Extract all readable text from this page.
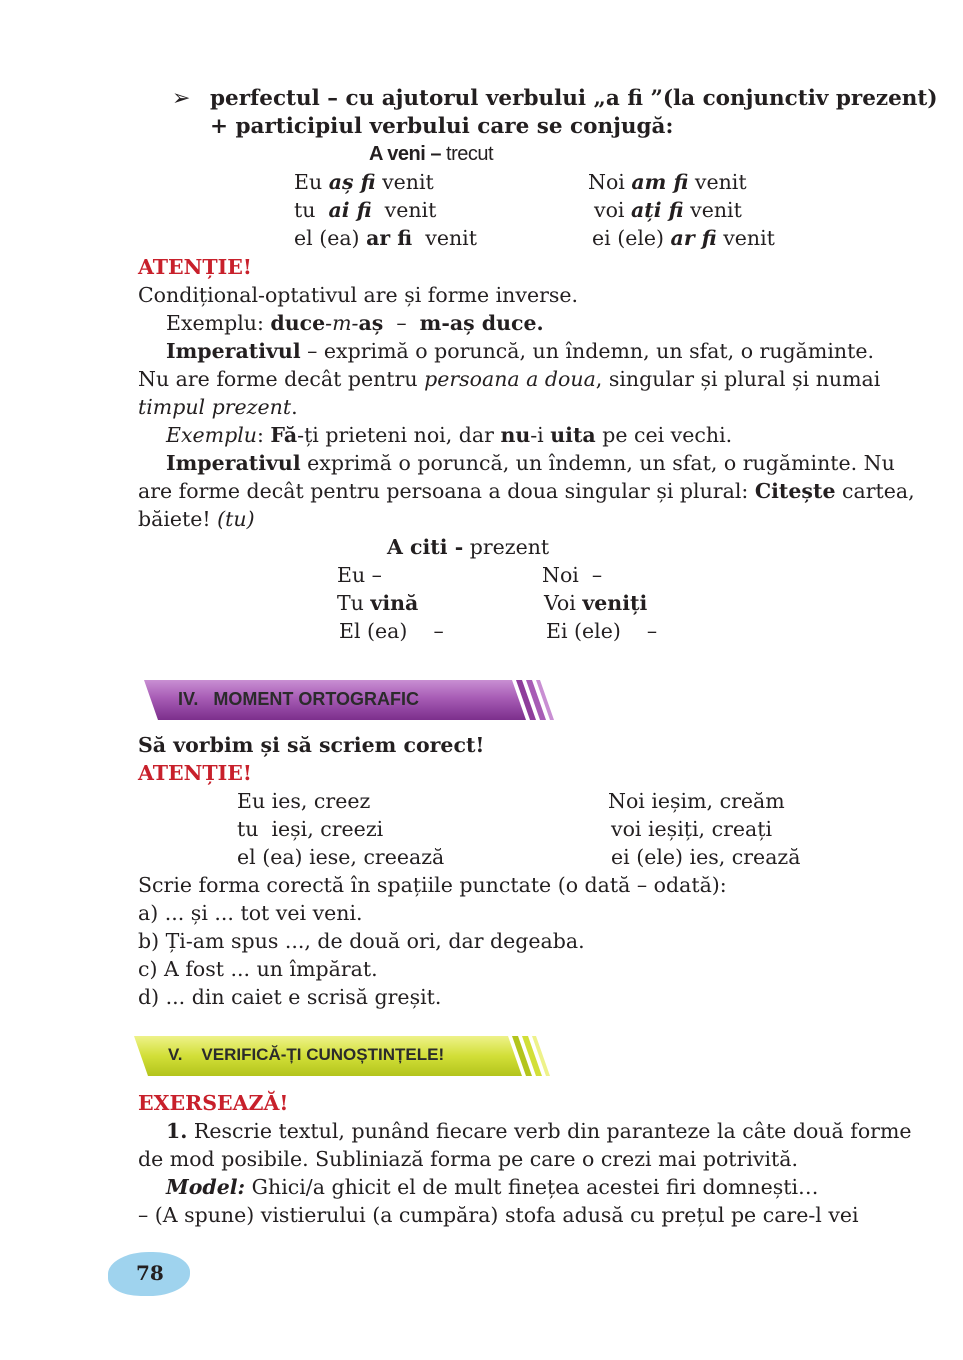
➢ perfectul – cu ajutorul verbului „a fi ”(la conjunctiv prezent)
+ participiul verbului care se conjugă:
A veni – trecut
Eu aș fi venit	Noi am fi venit
tu  ai fi  venit	voi ați fi venit
el (ea) ar fi  venit	ei (ele) ar fi venit
ATENȚIE!
Condițional-optativul are și forme inverse.
Exemplu: duce-m-aș  –  m-aș duce.
Imperativul – exprimă o poruncă, un îndemn, un sfat, o rugăminte.
Nu are forme decât pentru persoana a doua, singular și plural și numai
timpul prezent.
Exemplu: Fă-ți prieteni noi, dar nu-i uita pe cei vechi.
Imperativul exprimă o poruncă, un îndemn, un sfat, o rugăminte. Nu
are forme decât pentru persoana a doua singular și plural: Citește cartea,
băiete! (tu)
A citi - prezent
Eu –	Noi  –
Tu vină	Voi veniți
El (ea)    –	Ei (ele)    –
IV.   MOMENT ORTOGRAFIC
Să vorbim și să scriem corect!
ATENȚIE!
Eu ies, creez	Noi ieșim, creăm
tu  ieși, creezi	voi ieșiți, creați
el (ea) iese, creează	ei (ele) ies, crează
Scrie forma corectă în spațiile punctate (o dată – odată):
a) ... și ... tot vei veni.
b) Ți-am spus ..., de două ori, dar degeaba.
c) A fost ... un împărat.
d) ... din caiet e scrisă greșit.
V.    VERIFICĂ-ȚI CUNOȘTINȚELE!
EXERSEAZĂ!
1. Rescrie textul, punând fiecare verb din paranteze la câte două forme
de mod posibile. Subliniază forma pe care o crezi mai potrivită.
Model: Ghici/a ghicit el de mult finețea acestei firi domnești…
– (A spune) vistierului (a cumpăra) stofa adusă cu prețul pe care-l vei
78
